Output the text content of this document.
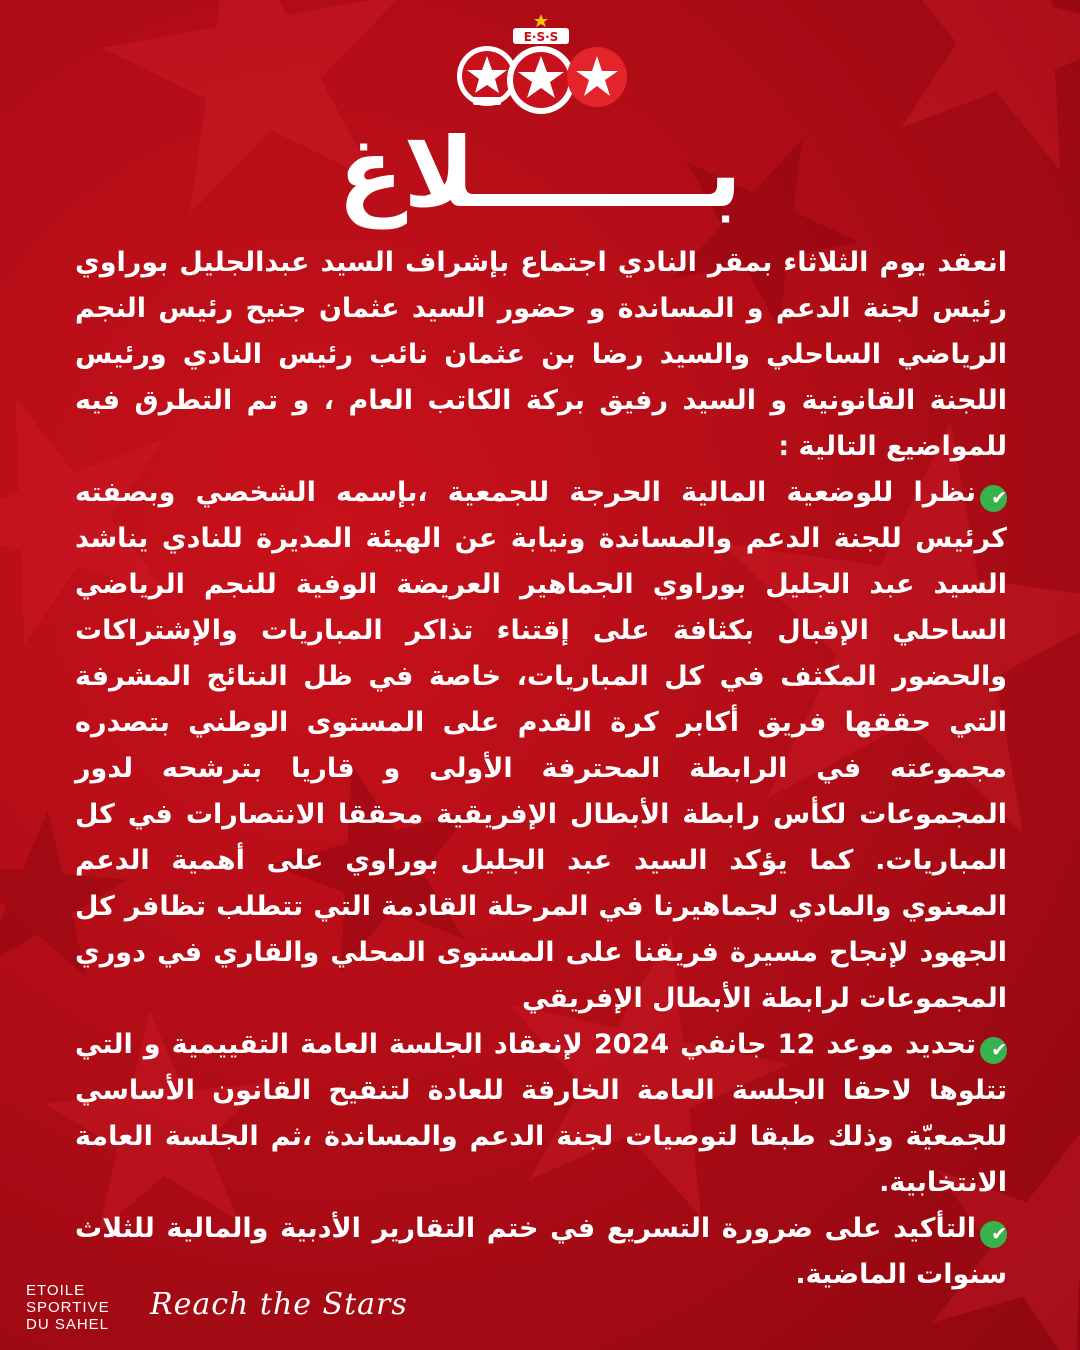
E·S·S
بـــــــلاغ

انعقد يوم الثلاثاء بمقر النادي اجتماع بإشراف السيد عبدالجليل بوراوي رئيس لجنة الدعم و المساندة و حضور السيد عثمان جنيح رئيس النجم الرياضي الساحلي والسيد رضا بن عثمان نائب رئيس النادي ورئيس اللجنة القانونية و السيد رفيق بركة الكاتب العام ، و تم التطرق فيه للمواضيع التالية :

✔نظرا للوضعية المالية الحرجة للجمعية ،بإسمه الشخصي وبصفته كرئيس للجنة الدعم والمساندة ونيابة عن الهيئة المديرة للنادي يناشد السيد عبد الجليل بوراوي الجماهير العريضة الوفية للنجم الرياضي الساحلي الإقبال بكثافة على إقتناء تذاكر المباريات والإشتراكات والحضور المكثف في كل المباريات، خاصة في ظل النتائج المشرفة التي حققها فريق أكابر كرة القدم على المستوى الوطني بتصدره مجموعته في الرابطة المحترفة الأولى و قاريا بترشحه لدور المجموعات لكأس رابطة الأبطال الإفريقية محققا الانتصارات في كل المباريات. كما يؤكد السيد عبد الجليل بوراوي على أهمية الدعم المعنوي والمادي لجماهيرنا في المرحلة القادمة التي تتطلب تظافر كل الجهود لإنجاح مسيرة فريقنا على المستوى المحلي والقاري في دوري المجموعات لرابطة الأبطال الإفريقي

✔تحديد موعد 12 جانفي 2024 لإنعقاد الجلسة العامة التقييمية و التي تتلوها لاحقا الجلسة العامة الخارقة للعادة لتنقيح القانون الأساسي للجمعيّة وذلك طبقا لتوصيات لجنة الدعم والمساندة ،ثم الجلسة العامة الانتخابية.

✔التأكيد على ضرورة التسريع في ختم التقارير الأدبية والمالية للثلاث سنوات الماضية.

ETOILE
SPORTIVE
DU SAHEL
Reach the Stars
